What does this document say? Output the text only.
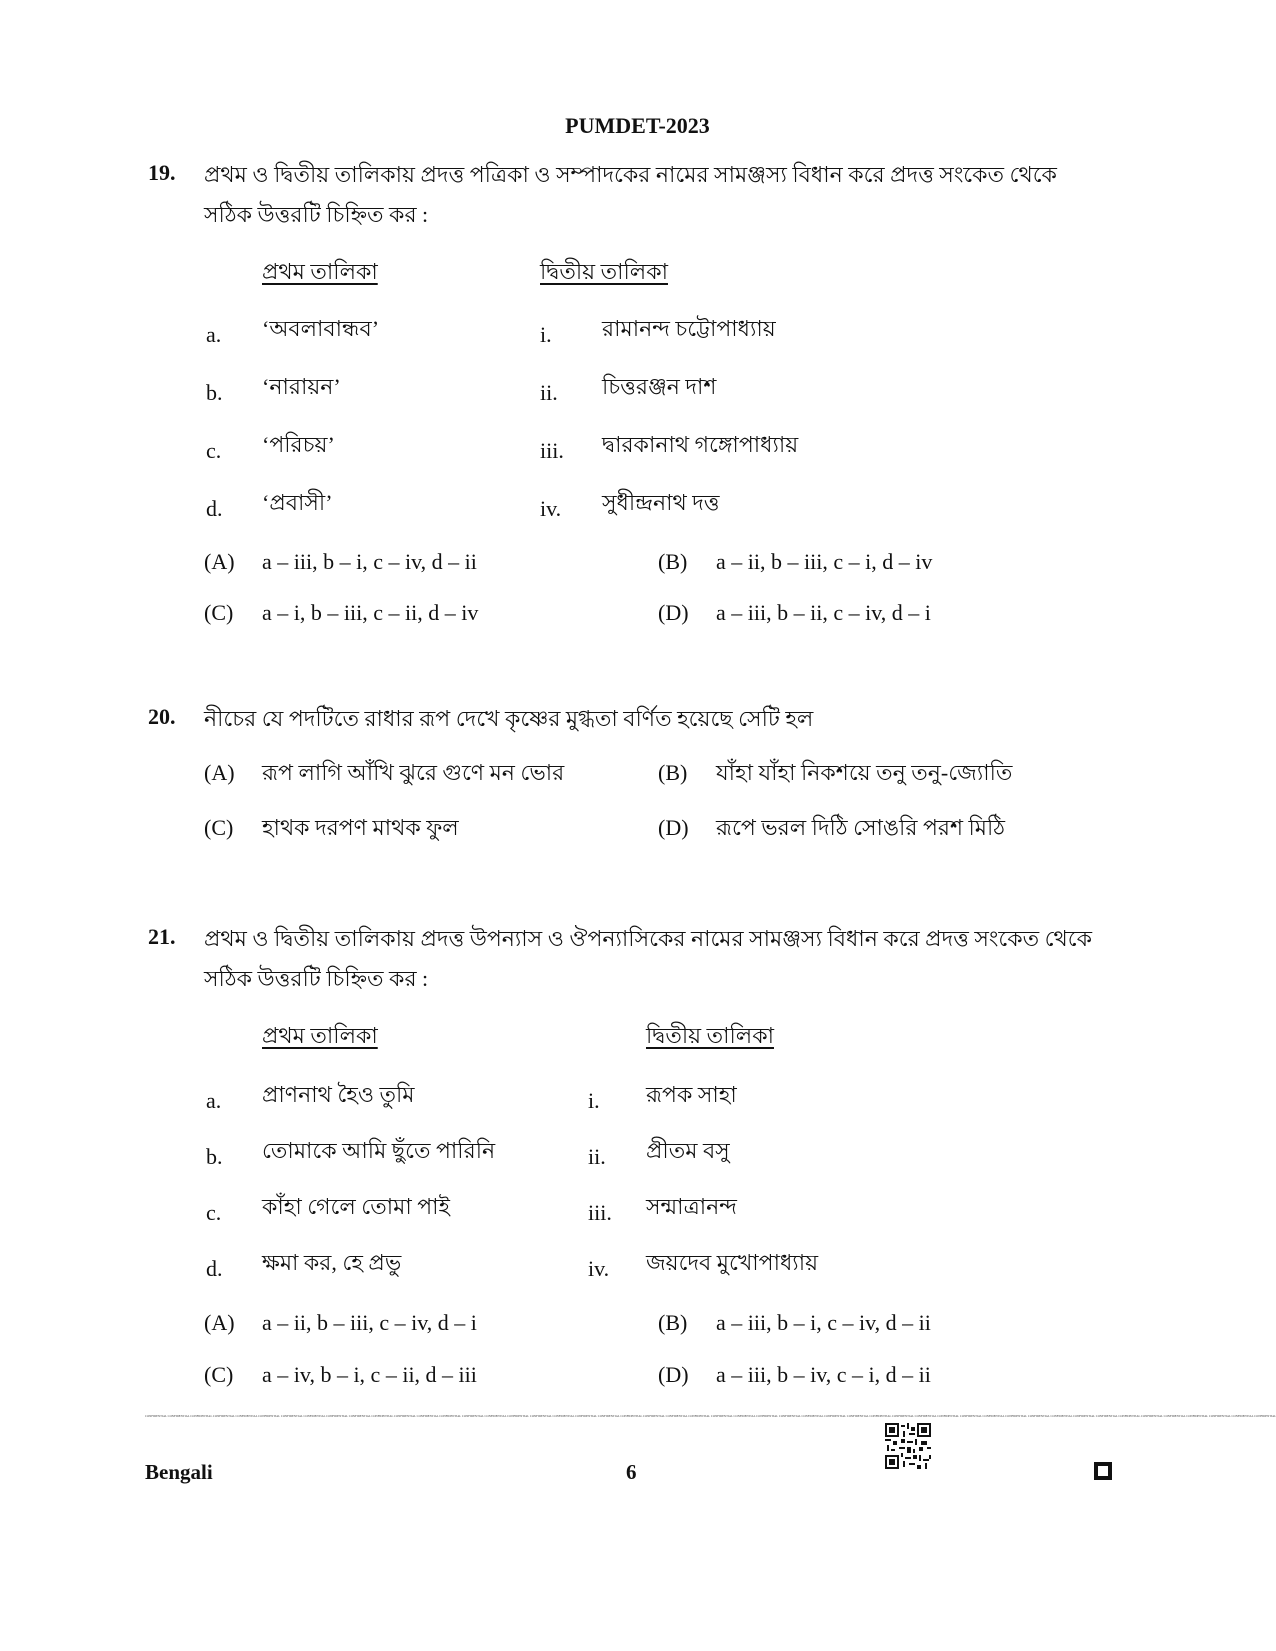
PUMDET-2023
19. প্রথম ও দ্বিতীয় তালিকায় প্রদত্ত পত্রিকা ও সম্পাদকের নামের সামঞ্জস্য বিধান করে প্রদত্ত সংকেত থেকে
সঠিক উত্তরটি চিহ্নিত কর :
প্রথম তালিকা	দ্বিতীয় তালিকা
a. ‘অবলাবান্ধব’	i. রামানন্দ চট্টোপাধ্যায়
b. ‘নারায়ন’	ii. চিত্তরঞ্জন দাশ
c. ‘পরিচয়’	iii. দ্বারকানাথ গঙ্গোপাধ্যায়
d. ‘প্রবাসী’	iv. সুধীন্দ্রনাথ দত্ত
(A) a – iii, b – i, c – iv, d – ii	(B) a – ii, b – iii, c – i, d – iv
(C) a – i, b – iii, c – ii, d – iv	(D) a – iii, b – ii, c – iv, d – i
20. নীচের যে পদটিতে রাধার রূপ দেখে কৃষ্ণের মুগ্ধতা বর্ণিত হয়েছে সেটি হল
(A) রূপ লাগি আঁখি ঝুরে গুণে মন ভোর	(B) যাঁহা যাঁহা নিকশয়ে তনু তনু-জ্যোতি
(C) হাথক দরপণ মাথক ফুল	(D) রূপে ভরল দিঠি সোঙরি পরশ মিঠি
21. প্রথম ও দ্বিতীয় তালিকায় প্রদত্ত উপন্যাস ও ঔপন্যাসিকের নামের সামঞ্জস্য বিধান করে প্রদত্ত সংকেত থেকে
সঠিক উত্তরটি চিহ্নিত কর :
প্রথম তালিকা	দ্বিতীয় তালিকা
a. প্রাণনাথ হৈও তুমি	i. রূপক সাহা
b. তোমাকে আমি ছুঁতে পারিনি	ii. প্রীতম বসু
c. কাঁহা গেলে তোমা পাই	iii. সন্মাত্রানন্দ
d. ক্ষমা কর, হে প্রভু	iv. জয়দেব মুখোপাধ্যায়
(A) a – ii, b – iii, c – iv, d – i	(B) a – iii, b – i, c – iv, d – ii
(C) a – iv, b – i, c – ii, d – iii	(D) a – iii, b – iv, c – i, d – ii
CONFIDENTIAL CONFIDENTIAL CONFIDENTIAL CONFIDENTIAL CONFIDENTIAL CONFIDENTIAL CONFIDENTIAL CONFIDENTIAL CONFIDENTIAL CONFIDENTIAL CONFIDENTIAL CONFIDENTIAL CONFIDENTIAL CONFIDENTIAL CONFIDENTIAL CONFIDENTIAL CONFIDENTIAL CONFIDENTIAL CONFIDENTIAL CONFIDENTIAL CONFIDENTIAL CONFIDENTIAL CONFIDENTIAL CONFIDENTIAL CONFIDENTIAL CONFIDENTIAL CONFIDENTIAL CONFIDENTIAL CONFIDENTIAL CONFIDENTIAL CONFIDENTIAL CONFIDENTIAL CONFIDENTIAL CONFIDENTIAL CONFIDENTIAL CONFIDENTIAL CONFIDENTIAL CONFIDENTIAL CONFIDENTIAL CONFIDENTIAL CONFIDENTIAL CONFIDENTIAL CONFIDENTIAL CONFIDENTIAL CONFIDENTIAL CONFIDENTIAL CONFIDENTIAL CONFIDENTIAL CONFIDENTIAL CONFIDENTIAL
Bengali	6
